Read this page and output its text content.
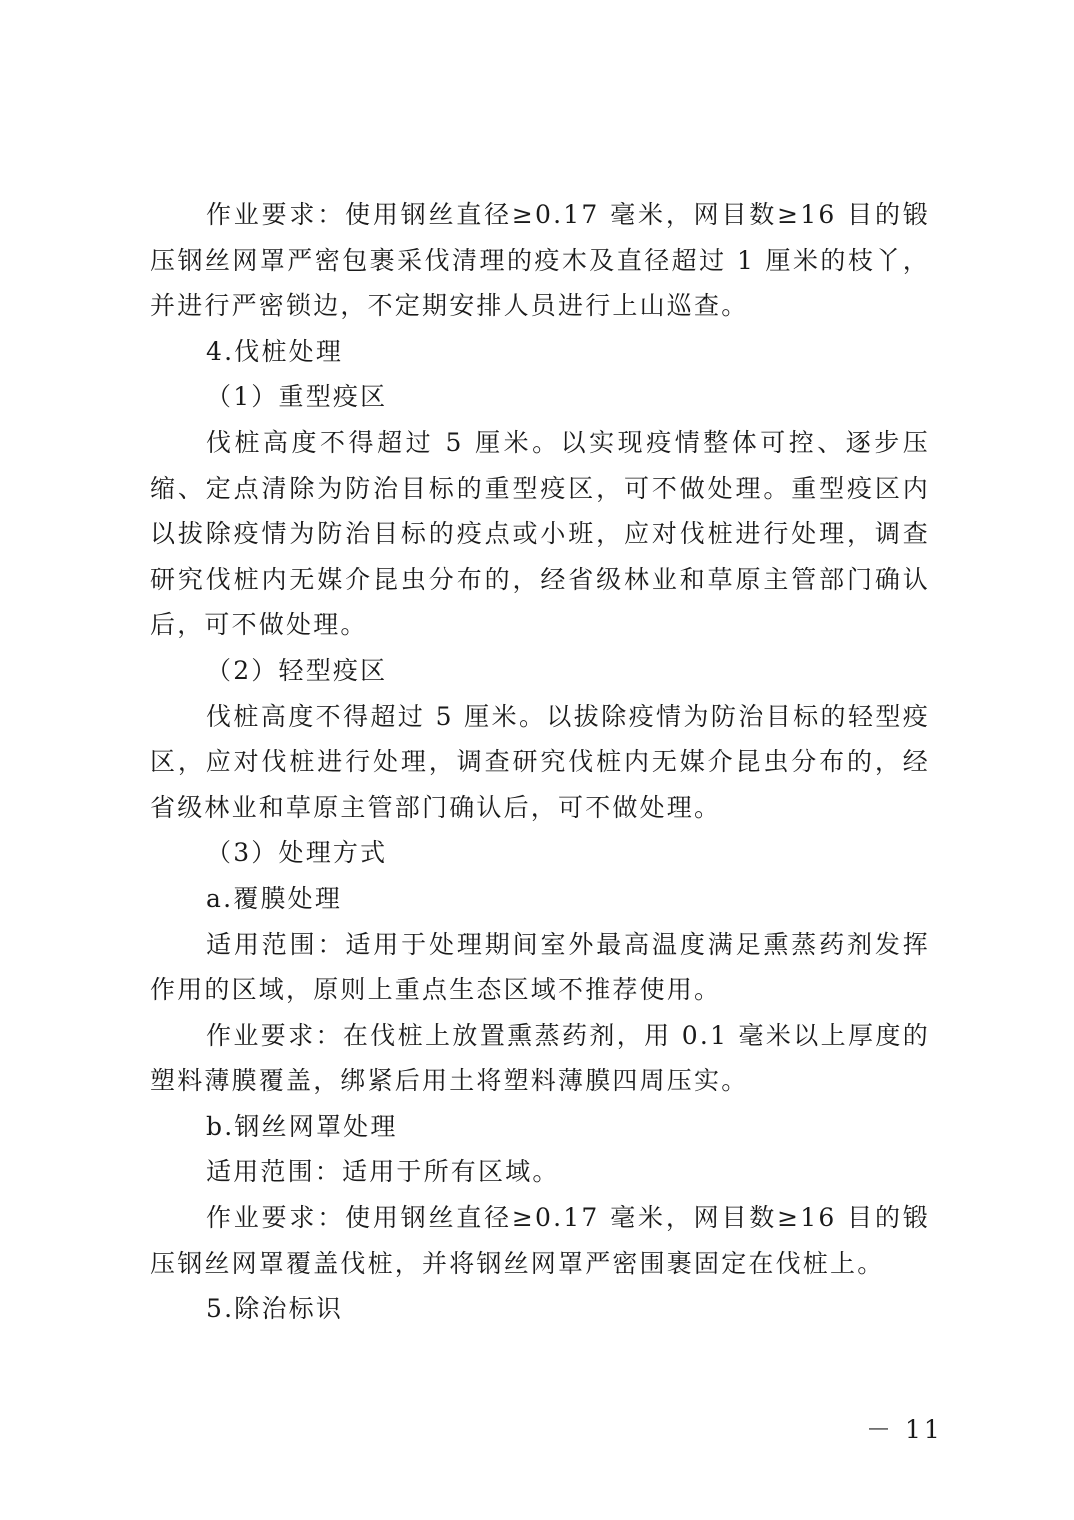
作业要求：使用钢丝直径≥0.17 毫米，网目数≥16 目的锻压钢丝网罩严密包裹采伐清理的疫木及直径超过 1 厘米的枝丫，并进行严密锁边，不定期安排人员进行上山巡查。

4.伐桩处理

（1）重型疫区

伐桩高度不得超过 5 厘米。以实现疫情整体可控、逐步压缩、定点清除为防治目标的重型疫区，可不做处理。重型疫区内以拔除疫情为防治目标的疫点或小班，应对伐桩进行处理，调查研究伐桩内无媒介昆虫分布的，经省级林业和草原主管部门确认后，可不做处理。

（2）轻型疫区

伐桩高度不得超过 5 厘米。以拔除疫情为防治目标的轻型疫区，应对伐桩进行处理，调查研究伐桩内无媒介昆虫分布的，经省级林业和草原主管部门确认后，可不做处理。

（3）处理方式

a.覆膜处理

适用范围：适用于处理期间室外最高温度满足熏蒸药剂发挥作用的区域，原则上重点生态区域不推荐使用。

作业要求：在伐桩上放置熏蒸药剂，用 0.1 毫米以上厚度的塑料薄膜覆盖，绑紧后用土将塑料薄膜四周压实。

b.钢丝网罩处理

适用范围：适用于所有区域。

作业要求：使用钢丝直径≥0.17 毫米，网目数≥16 目的锻压钢丝网罩覆盖伐桩，并将钢丝网罩严密围裹固定在伐桩上。

5.除治标识

－ 11
